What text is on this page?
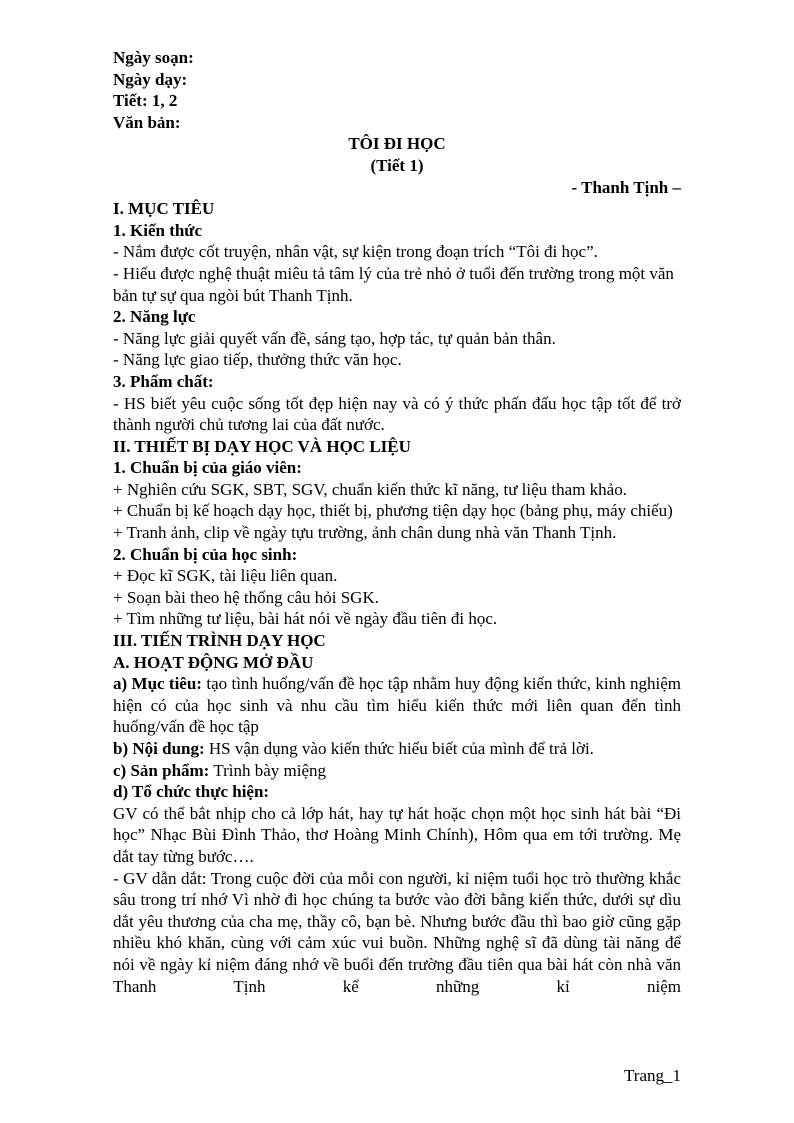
Ngày soạn:
Ngày dạy:
Tiết: 1, 2
Văn bản:
TÔI ĐI HỌC
(Tiết 1)
- Thanh Tịnh –
I. MỤC TIÊU
1. Kiến thức

- Nắm được cốt truyện, nhân vật, sự kiện trong đoạn trích “Tôi đi học”.

- Hiểu được nghệ thuật miêu tả tâm lý của trẻ nhỏ ở tuổi đến trường trong một văn bản tự sự qua ngòi bút Thanh Tịnh.

2. Năng lực

- Năng lực giải quyết vấn đề, sáng tạo, hợp tác, tự quản bản thân.

- Năng lực giao tiếp, thưởng thức văn học.

3. Phẩm chất:

- HS biết yêu cuộc sống tốt đẹp hiện nay và có ý thức phấn đấu học tập tốt để trở thành người chủ tương lai của đất nước.

II. THIẾT BỊ DẠY HỌC VÀ HỌC LIỆU
1. Chuẩn bị của giáo viên:

+ Nghiên cứu SGK, SBT, SGV, chuẩn kiến thức kĩ năng, tư liệu tham khảo.

+ Chuẩn bị kế hoạch dạy học, thiết bị, phương tiện dạy học (bảng phụ, máy chiếu)

+ Tranh ảnh, clip về ngày tựu trường, ảnh chân dung nhà văn Thanh Tịnh.

2. Chuẩn bị của học sinh:

+ Đọc kĩ SGK, tài liệu liên quan.

+ Soạn bài theo hệ thống câu hỏi SGK.

+ Tìm những tư liệu, bài hát nói về ngày đầu tiên đi học.

III. TIẾN TRÌNH DẠY HỌC
A. HOẠT ĐỘNG MỞ ĐẦU

a) Mục tiêu: tạo tình huống/vấn đề học tập nhằm huy động kiến thức, kinh nghiệm hiện có của học sinh và nhu cầu tìm hiểu kiến thức mới liên quan đến tình huống/vấn đề học tập

b) Nội dung: HS vận dụng vào kiến thức hiểu biết của mình để trả lời.

c) Sản phẩm: Trình bày miệng

d) Tổ chức thực hiện:

GV có thể bắt nhịp cho cả lớp hát, hay tự hát hoặc chọn một học sinh hát bài “Đi học” Nhạc Bùi Đình Thảo, thơ Hoàng Minh Chính), Hôm qua em tới trường. Mẹ dắt tay từng bước….

- GV dẫn dắt: Trong cuộc đời của mỗi con người, kỉ niệm tuổi học trò thường khắc sâu trong trí nhớ Vì nhờ đi học chúng ta bước vào đời bằng kiến thức, dưới sự dìu dắt yêu thương của cha mẹ, thầy cô, bạn bè. Nhưng bước đầu thì bao giờ cũng gặp nhiều khó khăn, cùng với cảm xúc vui buồn. Những nghệ sĩ đã dùng tài năng để nói về ngày kỉ niệm đáng nhớ về buổi đến trường đầu tiên qua bài hát còn nhà văn Thanh Tịnh kể những kỉ niệm

Trang_1
